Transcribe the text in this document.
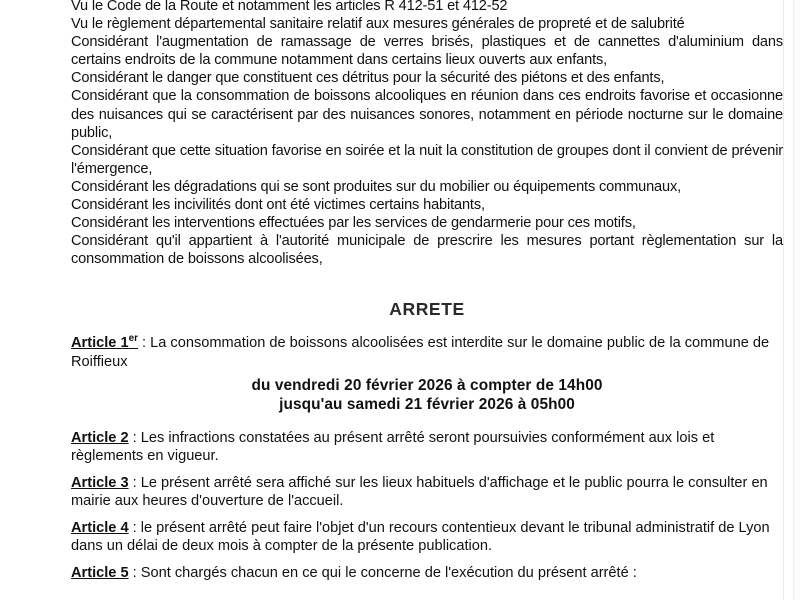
Vu le Code de la Route et notamment les articles R 412-51 et 412-52

Vu le règlement départemental sanitaire relatif aux mesures générales de propreté et de salubrité

Considérant l'augmentation de ramassage de verres brisés, plastiques et de cannettes d'aluminium dans certains endroits de la commune notamment dans certains lieux ouverts aux enfants,

Considérant le danger que constituent ces détritus pour la sécurité des piétons et des enfants,

Considérant que la consommation de boissons alcooliques en réunion dans ces endroits favorise et occasionne des nuisances qui se caractérisent par des nuisances sonores, notamment en période nocturne sur le domaine public,

Considérant que cette situation favorise en soirée et la nuit la constitution de groupes dont il convient de prévenir l'émergence,

Considérant les dégradations qui se sont produites sur du mobilier ou équipements communaux,

Considérant les incivilités dont ont été victimes certains habitants,

Considérant les interventions effectuées par les services de gendarmerie pour ces motifs,

Considérant qu'il appartient à l'autorité municipale de prescrire les mesures portant règlementation sur la consommation de boissons alcoolisées,

ARRETE
Article 1er : La consommation de boissons alcoolisées est interdite sur le domaine public de la commune de Roiffieux
du vendredi 20 février 2026 à compter de 14h00
jusqu'au samedi 21 février 2026 à 05h00
Article 2 : Les infractions constatées au présent arrêté seront poursuivies conformément aux lois et règlements en vigueur.
Article 3 : Le présent arrêté sera affiché sur les lieux habituels d'affichage et le public pourra le consulter en mairie aux heures d'ouverture de l'accueil.
Article 4 : le présent arrêté peut faire l'objet d'un recours contentieux devant le tribunal administratif de Lyon dans un délai de deux mois à compter de la présente publication.
Article 5 : Sont chargés chacun en ce qui le concerne de l'exécution du présent arrêté :
